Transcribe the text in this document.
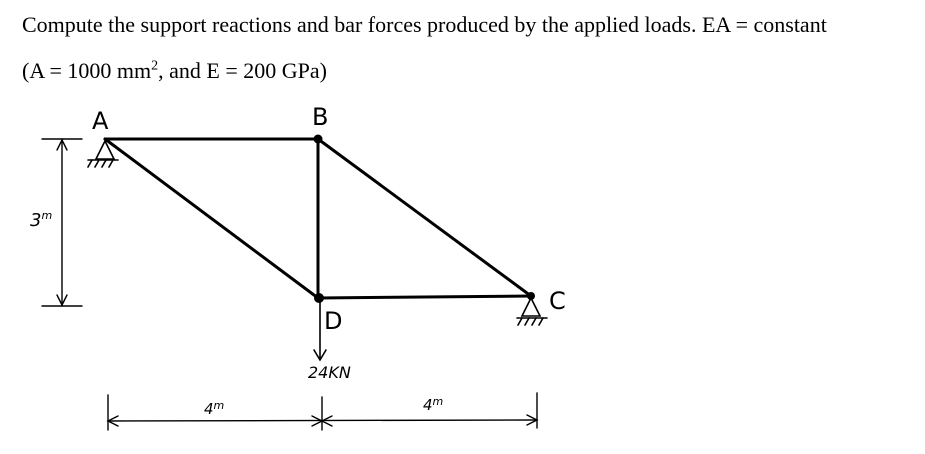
Compute the support reactions and bar forces produced by the applied loads. EA = constant
(A = 1000 $mm^2$, and E = 200 GPa)
A	B
C
D
24KN
3$^m$
4$^m$	4$^m$
